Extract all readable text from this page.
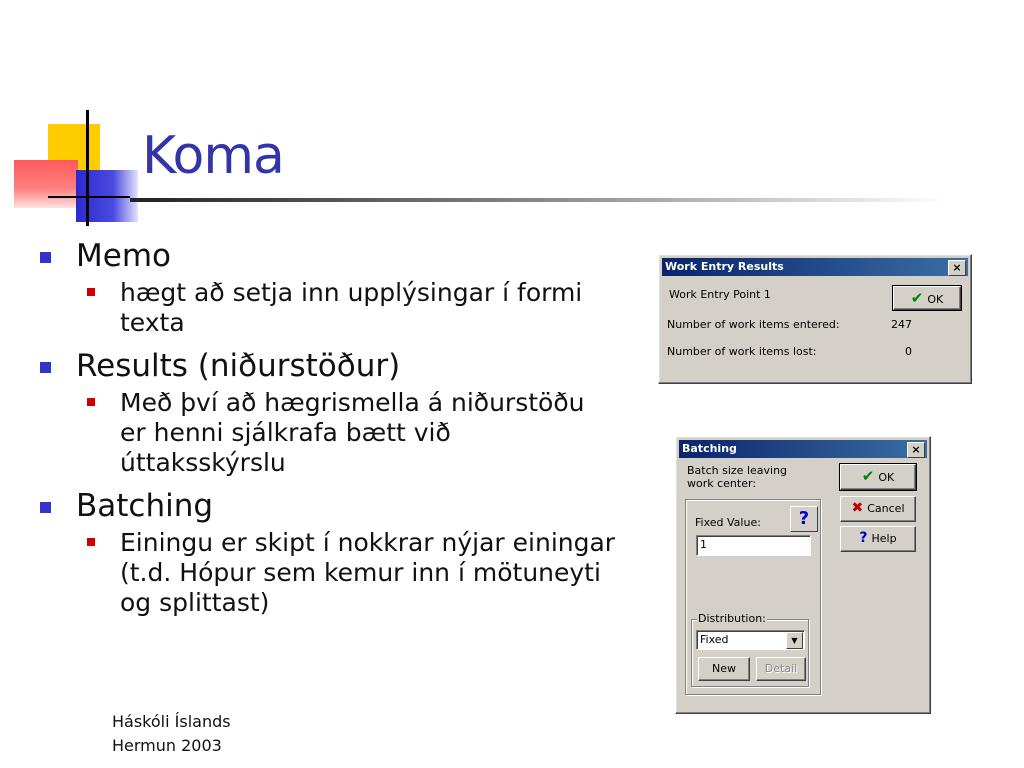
Koma
Memo
hægt að setja inn upplýsingar í formi texta
Results (niðurstöður)
Með því að hægrismella á niðurstöðu er henni sjálkrafa bætt við úttaksskýrslu
Batching
Einingu er skipt í nokkrar nýjar einingar (t.d. Hópur sem kemur inn í mötuneyti og splittast)
Háskóli Íslands
Hermun 2003
Work Entry Results	×
Work Entry Point 1	✔ OK
Number of work items entered:	247
Number of work items lost:	0
Batching	×
Batch size leaving
work center:
Fixed Value:	?
1
Distribution:
Fixed	▼
New	Detail
✔ OK
✖ Cancel
? Help
